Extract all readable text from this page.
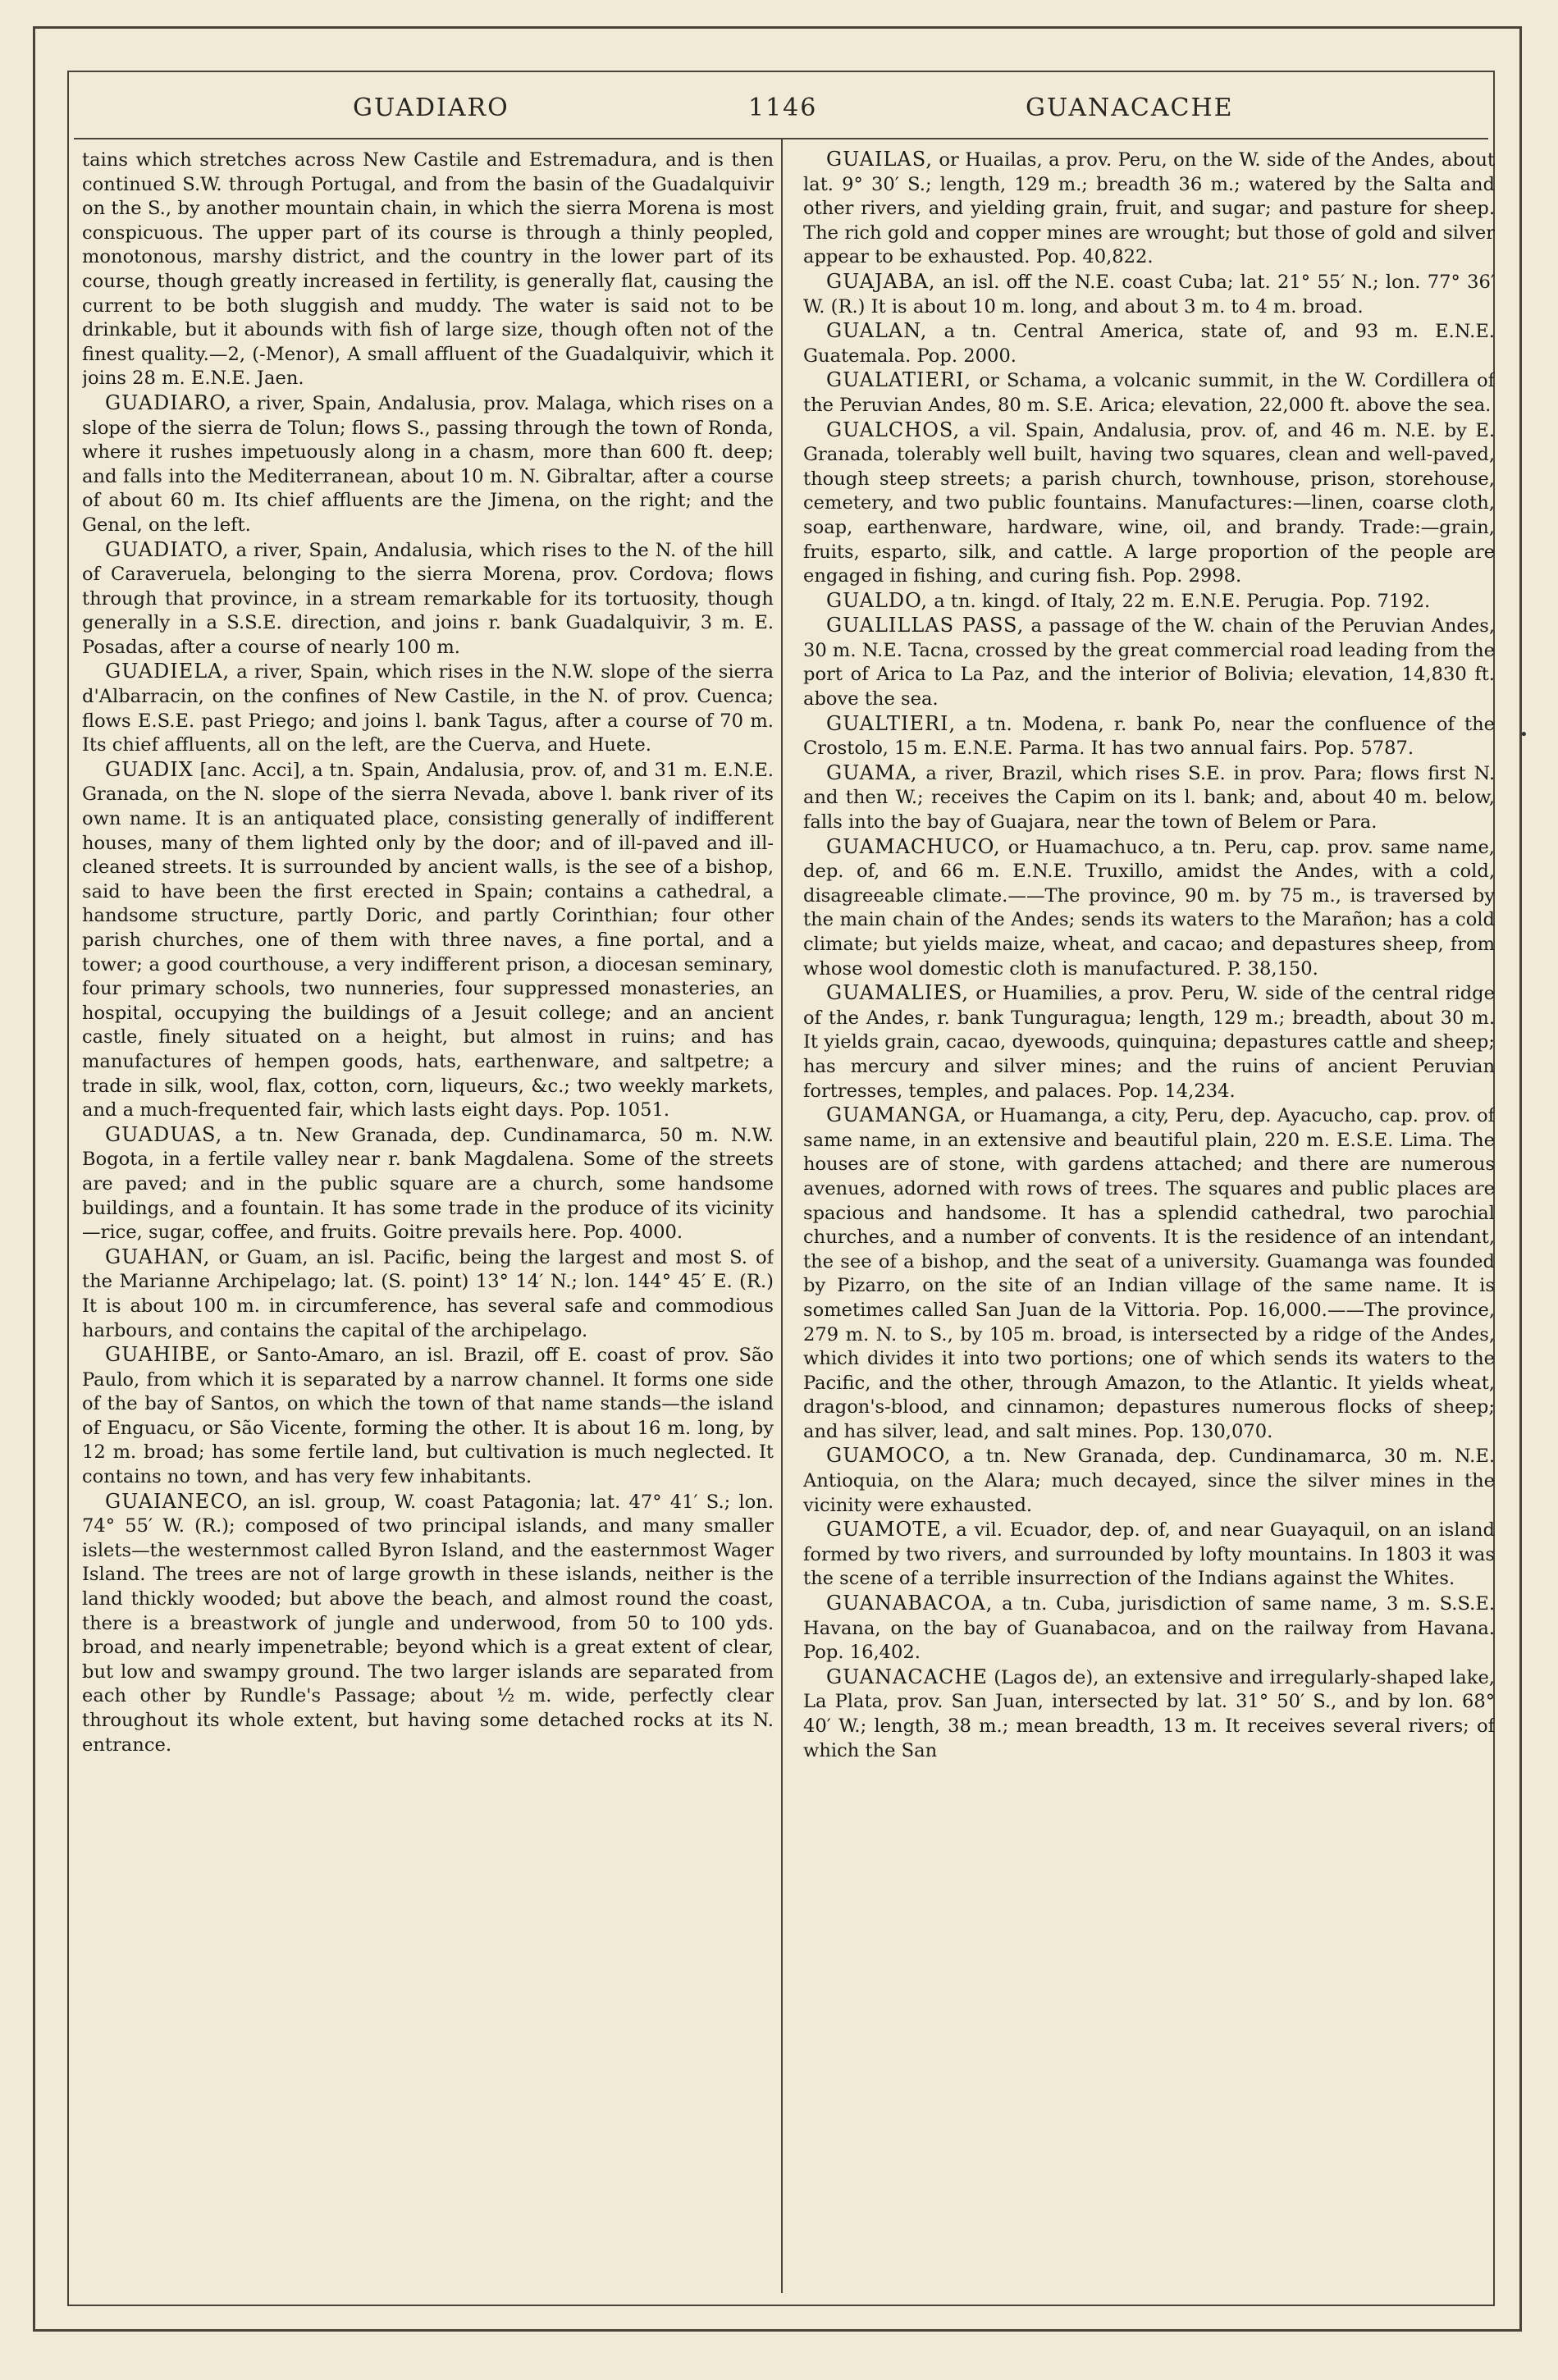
GUADIARO	1146	GUANACACHE

tains which stretches across New Castile and Estremadura, and is then continued S.W. through Portugal, and from the basin of the Guadalquivir on the S., by another mountain chain, in which the sierra Morena is most conspicuous. The upper part of its course is through a thinly peopled, monotonous, marshy district, and the country in the lower part of its course, though greatly increased in fertility, is generally flat, causing the current to be both sluggish and muddy. The water is said not to be drinkable, but it abounds with fish of large size, though often not of the finest quality.—2, (-Menor), A small affluent of the Guadalquivir, which it joins 28 m. E.N.E. Jaen.

GUADIARO, a river, Spain, Andalusia, prov. Malaga, which rises on a slope of the sierra de Tolun; flows S., passing through the town of Ronda, where it rushes impetuously along in a chasm, more than 600 ft. deep; and falls into the Mediterranean, about 10 m. N. Gibraltar, after a course of about 60 m. Its chief affluents are the Jimena, on the right; and the Genal, on the left.

GUADIATO, a river, Spain, Andalusia, which rises to the N. of the hill of Caraveruela, belonging to the sierra Morena, prov. Cordova; flows through that province, in a stream remarkable for its tortuosity, though generally in a S.S.E. direction, and joins r. bank Guadalquivir, 3 m. E. Posadas, after a course of nearly 100 m.

GUADIELA, a river, Spain, which rises in the N.W. slope of the sierra d'Albarracin, on the confines of New Castile, in the N. of prov. Cuenca; flows E.S.E. past Priego; and joins l. bank Tagus, after a course of 70 m. Its chief affluents, all on the left, are the Cuerva, and Huete.

GUADIX [anc. Acci], a tn. Spain, Andalusia, prov. of, and 31 m. E.N.E. Granada, on the N. slope of the sierra Nevada, above l. bank river of its own name. It is an antiquated place, consisting generally of indifferent houses, many of them lighted only by the door; and of ill-paved and ill-cleaned streets. It is surrounded by ancient walls, is the see of a bishop, said to have been the first erected in Spain; contains a cathedral, a handsome structure, partly Doric, and partly Corinthian; four other parish churches, one of them with three naves, a fine portal, and a tower; a good courthouse, a very indifferent prison, a diocesan seminary, four primary schools, two nunneries, four suppressed monasteries, an hospital, occupying the buildings of a Jesuit college; and an ancient castle, finely situated on a height, but almost in ruins; and has manufactures of hempen goods, hats, earthenware, and saltpetre; a trade in silk, wool, flax, cotton, corn, liqueurs, &c.; two weekly markets, and a much-frequented fair, which lasts eight days. Pop. 1051.

GUADUAS, a tn. New Granada, dep. Cundinamarca, 50 m. N.W. Bogota, in a fertile valley near r. bank Magdalena. Some of the streets are paved; and in the public square are a church, some handsome buildings, and a fountain. It has some trade in the produce of its vicinity—rice, sugar, coffee, and fruits. Goitre prevails here. Pop. 4000.

GUAHAN, or Guam, an isl. Pacific, being the largest and most S. of the Marianne Archipelago; lat. (S. point) 13° 14′ N.; lon. 144° 45′ E. (R.) It is about 100 m. in circumference, has several safe and commodious harbours, and contains the capital of the archipelago.

GUAHIBE, or Santo-Amaro, an isl. Brazil, off E. coast of prov. São Paulo, from which it is separated by a narrow channel. It forms one side of the bay of Santos, on which the town of that name stands—the island of Enguacu, or São Vicente, forming the other. It is about 16 m. long, by 12 m. broad; has some fertile land, but cultivation is much neglected. It contains no town, and has very few inhabitants.

GUAIANECO, an isl. group, W. coast Patagonia; lat. 47° 41′ S.; lon. 74° 55′ W. (R.); composed of two principal islands, and many smaller islets—the westernmost called Byron Island, and the easternmost Wager Island. The trees are not of large growth in these islands, neither is the land thickly wooded; but above the beach, and almost round the coast, there is a breastwork of jungle and underwood, from 50 to 100 yds. broad, and nearly impenetrable; beyond which is a great extent of clear, but low and swampy ground. The two larger islands are separated from each other by Rundle's Passage; about ½ m. wide, perfectly clear throughout its whole extent, but having some detached rocks at its N. entrance.

GUAILAS, or Huailas, a prov. Peru, on the W. side of the Andes, about lat. 9° 30′ S.; length, 129 m.; breadth 36 m.; watered by the Salta and other rivers, and yielding grain, fruit, and sugar; and pasture for sheep. The rich gold and copper mines are wrought; but those of gold and silver appear to be exhausted. Pop. 40,822.

GUAJABA, an isl. off the N.E. coast Cuba; lat. 21° 55′ N.; lon. 77° 36′ W. (R.) It is about 10 m. long, and about 3 m. to 4 m. broad.

GUALAN, a tn. Central America, state of, and 93 m. E.N.E. Guatemala. Pop. 2000.

GUALATIERI, or Schama, a volcanic summit, in the W. Cordillera of the Peruvian Andes, 80 m. S.E. Arica; elevation, 22,000 ft. above the sea.

GUALCHOS, a vil. Spain, Andalusia, prov. of, and 46 m. N.E. by E. Granada, tolerably well built, having two squares, clean and well-paved, though steep streets; a parish church, townhouse, prison, storehouse, cemetery, and two public fountains. Manufactures:—linen, coarse cloth, soap, earthenware, hardware, wine, oil, and brandy. Trade:—grain, fruits, esparto, silk, and cattle. A large proportion of the people are engaged in fishing, and curing fish. Pop. 2998.

GUALDO, a tn. kingd. of Italy, 22 m. E.N.E. Perugia. Pop. 7192.

GUALILLAS PASS, a passage of the W. chain of the Peruvian Andes, 30 m. N.E. Tacna, crossed by the great commercial road leading from the port of Arica to La Paz, and the interior of Bolivia; elevation, 14,830 ft. above the sea.

GUALTIERI, a tn. Modena, r. bank Po, near the confluence of the Crostolo, 15 m. E.N.E. Parma. It has two annual fairs. Pop. 5787.

GUAMA, a river, Brazil, which rises S.E. in prov. Para; flows first N. and then W.; receives the Capim on its l. bank; and, about 40 m. below, falls into the bay of Guajara, near the town of Belem or Para.

GUAMACHUCO, or Huamachuco, a tn. Peru, cap. prov. same name, dep. of, and 66 m. E.N.E. Truxillo, amidst the Andes, with a cold, disagreeable climate.——The province, 90 m. by 75 m., is traversed by the main chain of the Andes; sends its waters to the Marañon; has a cold climate; but yields maize, wheat, and cacao; and depastures sheep, from whose wool domestic cloth is manufactured. P. 38,150.

GUAMALIES, or Huamilies, a prov. Peru, W. side of the central ridge of the Andes, r. bank Tunguragua; length, 129 m.; breadth, about 30 m. It yields grain, cacao, dyewoods, quinquina; depastures cattle and sheep; has mercury and silver mines; and the ruins of ancient Peruvian fortresses, temples, and palaces. Pop. 14,234.

GUAMANGA, or Huamanga, a city, Peru, dep. Ayacucho, cap. prov. of same name, in an extensive and beautiful plain, 220 m. E.S.E. Lima. The houses are of stone, with gardens attached; and there are numerous avenues, adorned with rows of trees. The squares and public places are spacious and handsome. It has a splendid cathedral, two parochial churches, and a number of convents. It is the residence of an intendant, the see of a bishop, and the seat of a university. Guamanga was founded by Pizarro, on the site of an Indian village of the same name. It is sometimes called San Juan de la Vittoria. Pop. 16,000.——The province, 279 m. N. to S., by 105 m. broad, is intersected by a ridge of the Andes, which divides it into two portions; one of which sends its waters to the Pacific, and the other, through Amazon, to the Atlantic. It yields wheat, dragon's-blood, and cinnamon; depastures numerous flocks of sheep; and has silver, lead, and salt mines. Pop. 130,070.

GUAMOCO, a tn. New Granada, dep. Cundinamarca, 30 m. N.E. Antioquia, on the Alara; much decayed, since the silver mines in the vicinity were exhausted.

GUAMOTE, a vil. Ecuador, dep. of, and near Guayaquil, on an island formed by two rivers, and surrounded by lofty mountains. In 1803 it was the scene of a terrible insurrection of the Indians against the Whites.

GUANABACOA, a tn. Cuba, jurisdiction of same name, 3 m. S.S.E. Havana, on the bay of Guanabacoa, and on the railway from Havana. Pop. 16,402.

GUANACACHE (Lagos de), an extensive and irregularly-shaped lake, La Plata, prov. San Juan, intersected by lat. 31° 50′ S., and by lon. 68° 40′ W.; length, 38 m.; mean breadth, 13 m. It receives several rivers; of which the San

•
